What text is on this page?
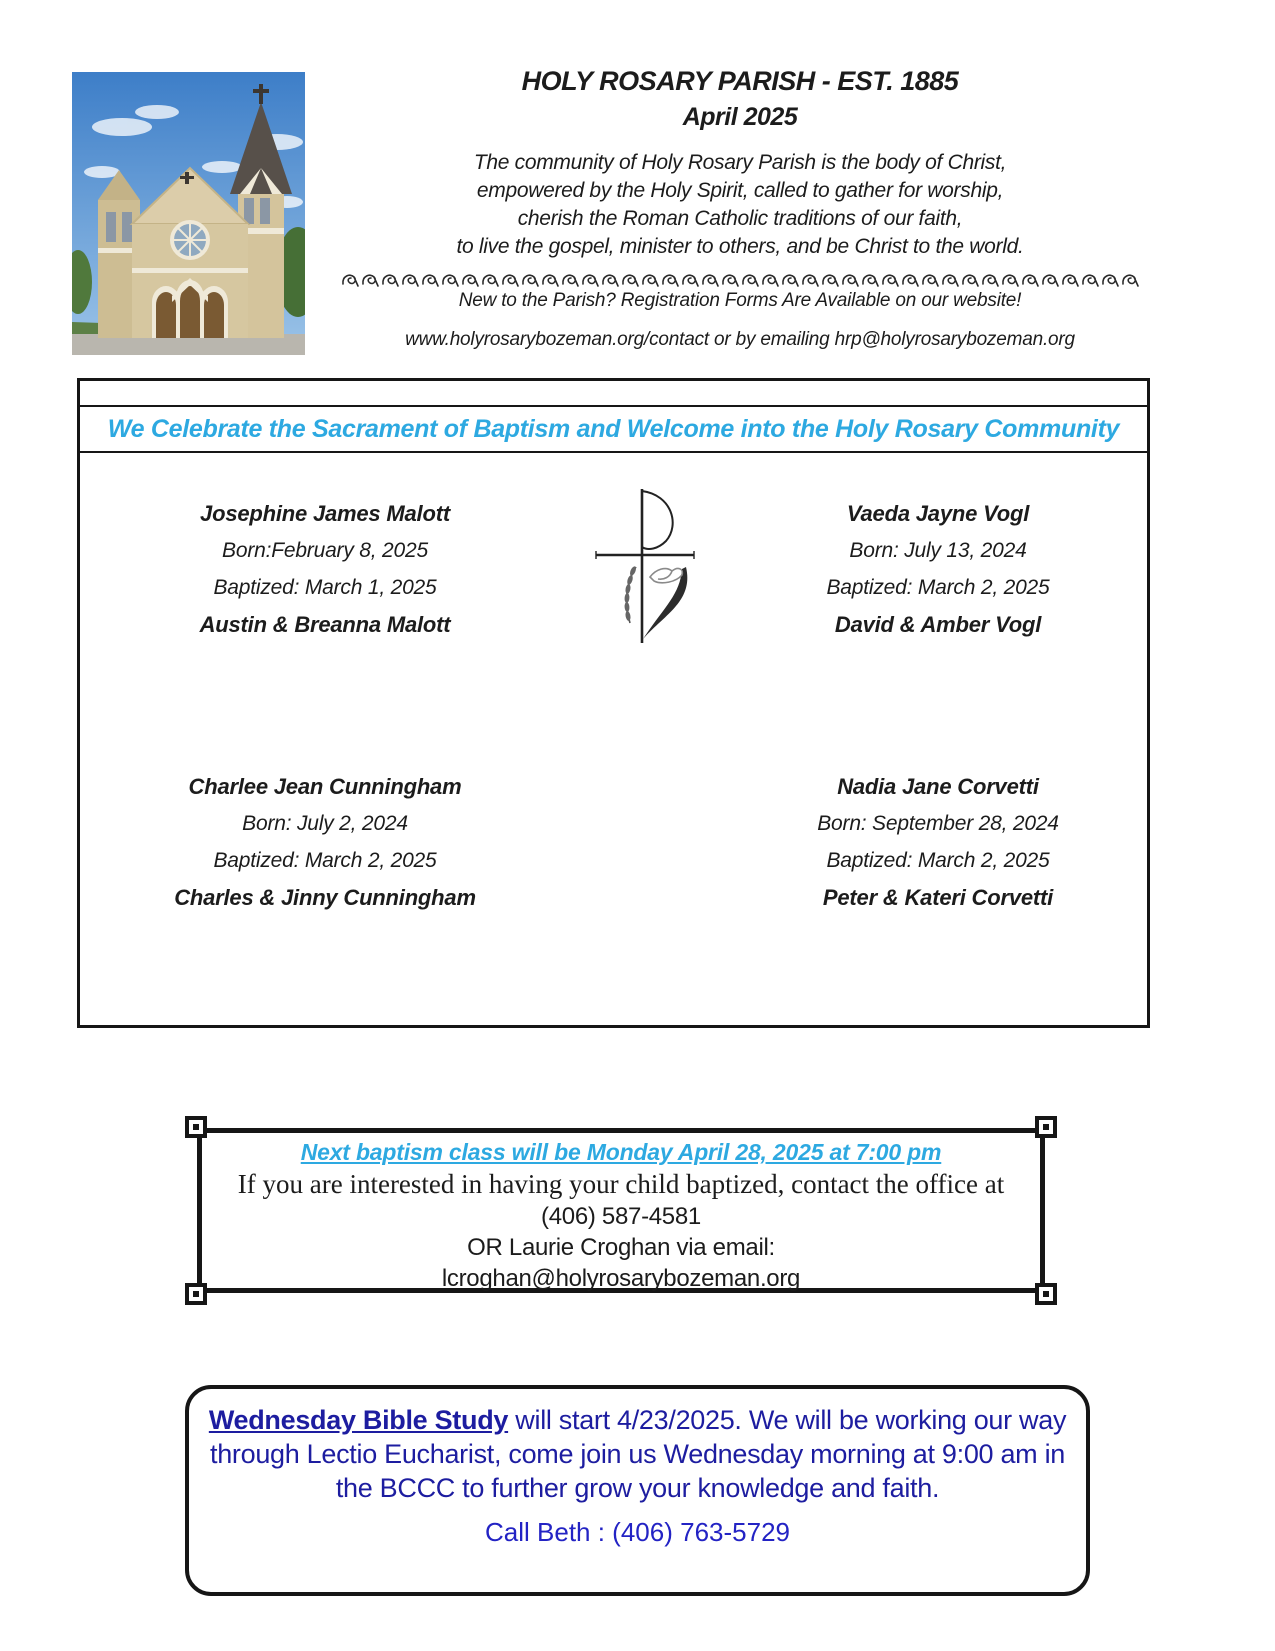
HOLY ROSARY PARISH - EST. 1885
April 2025
The community of Holy Rosary Parish is the body of Christ,
empowered by the Holy Spirit, called to gather for worship,
cherish the Roman Catholic traditions of our faith,
to live the gospel, minister to others, and be Christ to the world.
New to the Parish? Registration Forms Are Available on our website!
www.holyrosarybozeman.org/contact or by emailing hrp@holyrosarybozeman.org
We Celebrate the Sacrament of Baptism and Welcome into the Holy Rosary Community
Josephine James Malott
Born:February 8, 2025
Baptized: March 1, 2025
Austin & Breanna Malott
Vaeda Jayne Vogl
Born: July 13, 2024
Baptized: March 2, 2025
David & Amber Vogl
Charlee Jean Cunningham
Born: July 2, 2024
Baptized: March 2, 2025
Charles & Jinny Cunningham
Nadia Jane Corvetti
Born: September 28, 2024
Baptized: March 2, 2025
Peter & Kateri Corvetti
Next baptism class will be Monday April 28, 2025 at 7:00 pm
If you are interested in having your child baptized, contact the office at
(406) 587-4581
OR Laurie Croghan via email:
lcroghan@holyrosarybozeman.org

Wednesday Bible Study will start 4/23/2025. We will be working our way through Lectio Eucharist, come join us Wednesday morning at 9:00 am in the BCCC to further grow your knowledge and faith.

Call Beth : (406) 763-5729
